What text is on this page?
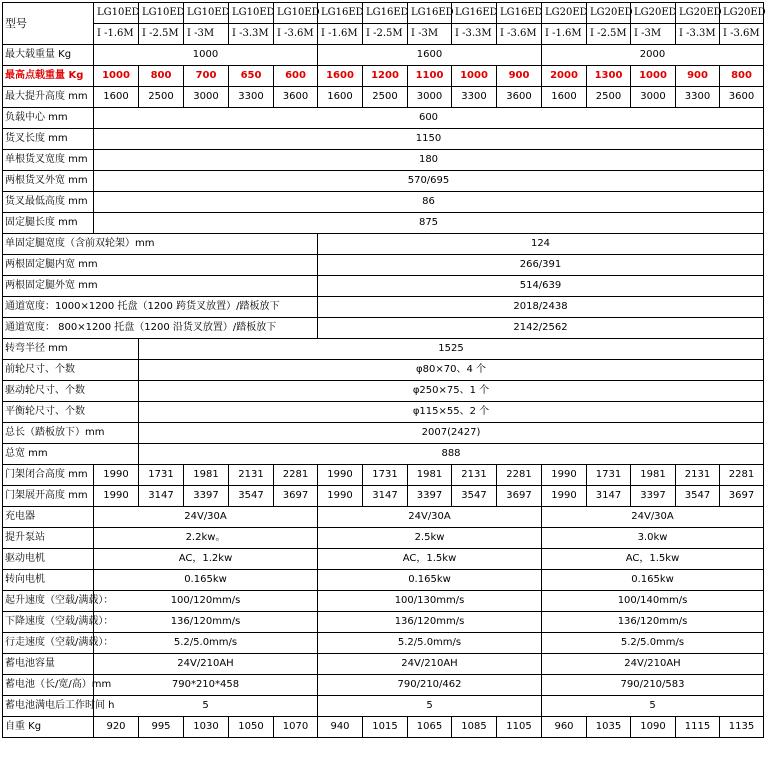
型号	LG10ED	LG10ED	LG10ED	LG10ED	LG10ED	LG16ED	LG16ED	LG16ED	LG16ED	LG16ED	LG20ED	LG20ED	LG20ED	LG20ED	LG20ED
	I -1.6M	I -2.5M	I -3M	I -3.3M	I -3.6M	I -1.6M	I -2.5M	I -3M	I -3.3M	I -3.6M	I -1.6M	I -2.5M	I -3M	I -3.3M	I -3.6M
最大载重量 Kg	1000					1600					2000				
最高点载重量 Kg	1000	800	700	650	600	1600	1200	1100	1000	900	2000	1300	1000	900	800
最大提升高度 mm	1600	2500	3000	3300	3600	1600	2500	3000	3300	3600	1600	2500	3000	3300	3600
负载中心 mm	600														
货叉长度 mm	1150														
单根货叉宽度 mm	180														
两根货叉外宽 mm	570/695														
货叉最低高度 mm	86														
固定腿长度 mm	875														
单固定腿宽度（含前双轮架）mm						124									
两根固定腿内宽 mm						266/391									
两根固定腿外宽 mm						514/639									
通道宽度：1000×1200 托盘（1200 跨货叉放置）/踏板放下						2018/2438									
通道宽度： 800×1200 托盘（1200 沿货叉放置）/踏板放下						2142/2562									
转弯半径 mm		1525													
前轮尺寸、个数		φ80×70、4 个													
驱动轮尺寸、个数		φ250×75、1 个													
平衡轮尺寸、个数		φ115×55、2 个													
总长（踏板放下）mm		2007(2427)													
总宽 mm		888													
门架闭合高度 mm	1990	1731	1981	2131	2281	1990	1731	1981	2131	2281	1990	1731	1981	2131	2281
门架展开高度 mm	1990	3147	3397	3547	3697	1990	3147	3397	3547	3697	1990	3147	3397	3547	3697
充电器	24V/30A					24V/30A					24V/30A				
提升泵站	2.2kw。					2.5kw					3.0kw				
驱动电机	AC，1.2kw					AC，1.5kw					AC，1.5kw				
转向电机	0.165kw					0.165kw					0.165kw				
起升速度（空载/满载）：	100/120mm/s					100/130mm/s					100/140mm/s				
下降速度（空载/满载）：	136/120mm/s					136/120mm/s					136/120mm/s				
行走速度（空载/满载）：	5.2/5.0mm/s					5.2/5.0mm/s					5.2/5.0mm/s				
蓄电池容量	24V/210AH					24V/210AH					24V/210AH				
蓄电池（长/宽/高）mm	790*210*458					790/210/462					790/210/583				
蓄电池满电后工作时间 h	5					5					5				
自重 Kg	920	995	1030	1050	1070	940	1015	1065	1085	1105	960	1035	1090	1115	1135
